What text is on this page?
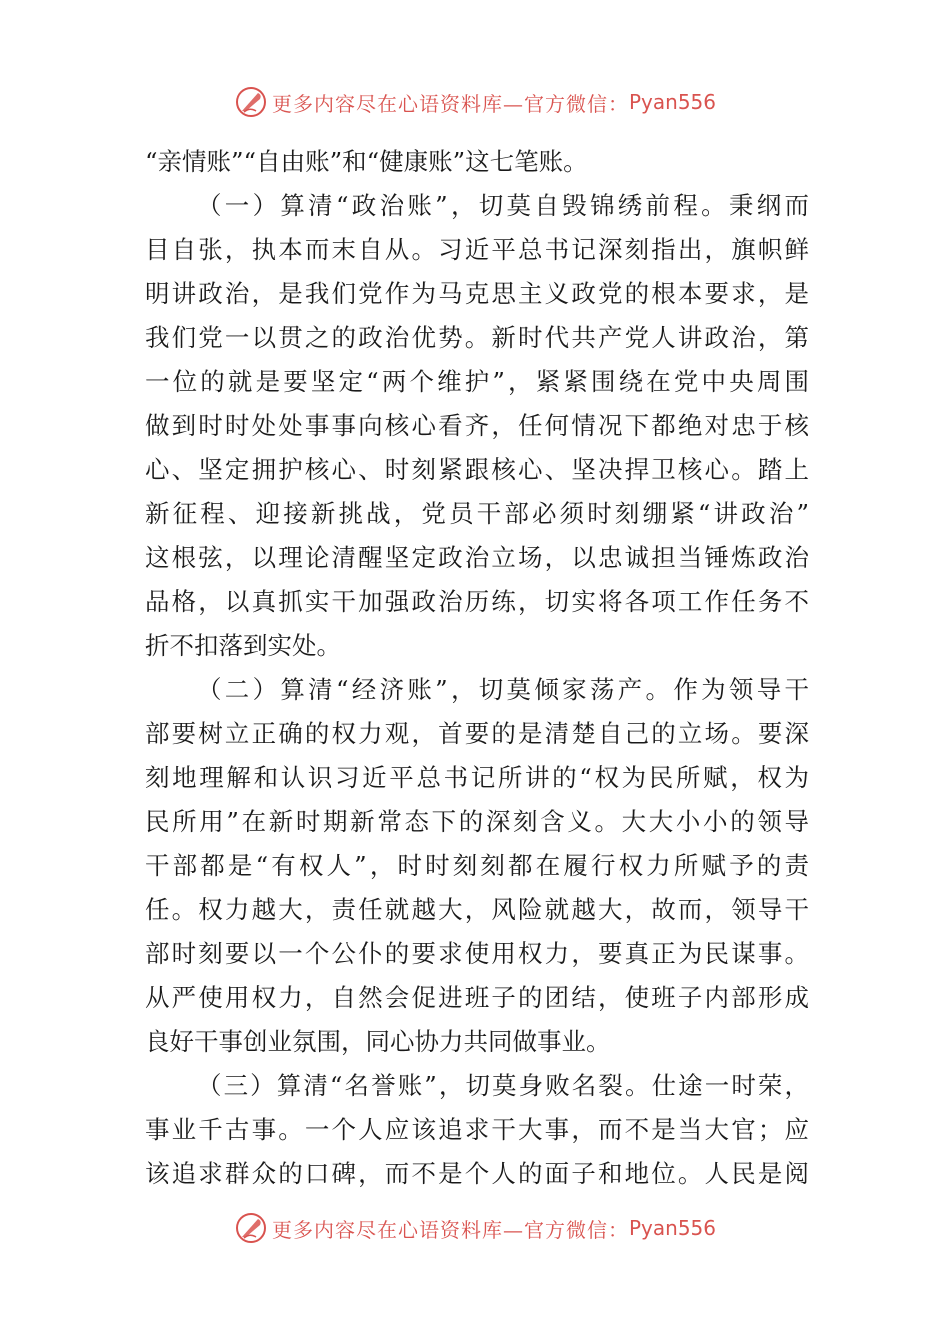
更多内容尽在心语资料库—官方微信： Pyan556
“亲情账”“自由账”和“健康账”这七笔账。
（一）算清“政治账”，切莫自毁锦绣前程。秉纲而
目自张，执本而末自从。习近平总书记深刻指出，旗帜鲜
明讲政治，是我们党作为马克思主义政党的根本要求，是
我们党一以贯之的政治优势。新时代共产党人讲政治，第
一位的就是要坚定“两个维护”，紧紧围绕在党中央周围
做到时时处处事事向核心看齐，任何情况下都绝对忠于核
心、坚定拥护核心、时刻紧跟核心、坚决捍卫核心。踏上
新征程、迎接新挑战，党员干部必须时刻绷紧“讲政治”
这根弦，以理论清醒坚定政治立场，以忠诚担当锤炼政治
品格，以真抓实干加强政治历练，切实将各项工作任务不
折不扣落到实处。
（二）算清“经济账”，切莫倾家荡产。作为领导干
部要树立正确的权力观，首要的是清楚自己的立场。要深
刻地理解和认识习近平总书记所讲的“权为民所赋，权为
民所用”在新时期新常态下的深刻含义。大大小小的领导
干部都是“有权人”，时时刻刻都在履行权力所赋予的责
任。权力越大，责任就越大，风险就越大，故而，领导干
部时刻要以一个公仆的要求使用权力，要真正为民谋事。
从严使用权力，自然会促进班子的团结，使班子内部形成
良好干事创业氛围，同心协力共同做事业。
（三）算清“名誉账”，切莫身败名裂。仕途一时荣，
事业千古事。一个人应该追求干大事，而不是当大官；应
该追求群众的口碑，而不是个人的面子和地位。人民是阅
更多内容尽在心语资料库—官方微信： Pyan556
